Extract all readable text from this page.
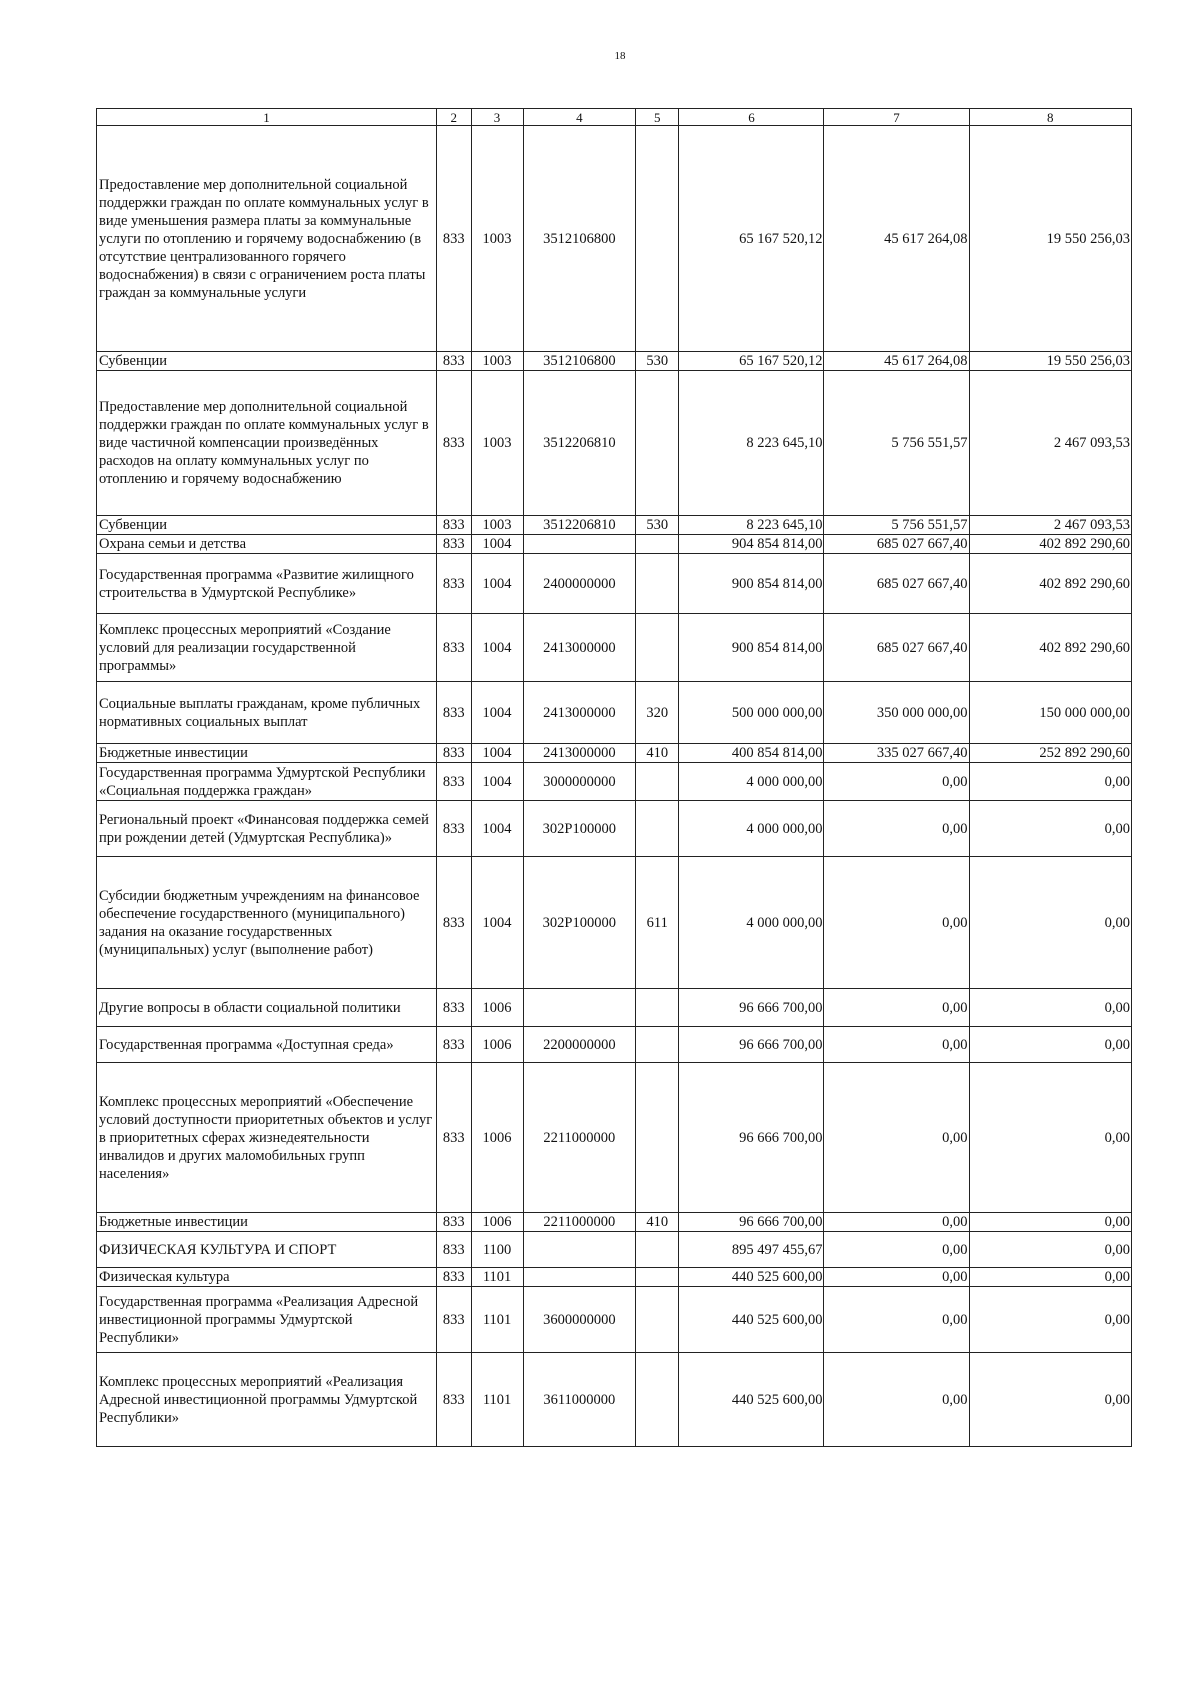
18
1	2	3	4	5	6	7	8
Предоставление мер дополнительной социальной поддержки граждан по оплате коммунальных услуг в виде уменьшения размера платы за коммунальные услуги по отоплению и горячему водоснабжению (в отсутствие централизованного горячего водоснабжения) в связи с ограничением роста платы граждан за коммунальные услуги	833	1003	3512106800		65 167 520,12	45 617 264,08	19 550 256,03
Субвенции	833	1003	3512106800	530	65 167 520,12	45 617 264,08	19 550 256,03
Предоставление мер дополнительной социальной поддержки граждан по оплате коммунальных услуг в виде частичной компенсации произведённых расходов на оплату коммунальных услуг по отоплению и горячему водоснабжению	833	1003	3512206810		8 223 645,10	5 756 551,57	2 467 093,53
Субвенции	833	1003	3512206810	530	8 223 645,10	5 756 551,57	2 467 093,53
Охрана семьи и детства	833	1004			904 854 814,00	685 027 667,40	402 892 290,60
Государственная программа «Развитие жилищного строительства в Удмуртской Республике»	833	1004	2400000000		900 854 814,00	685 027 667,40	402 892 290,60
Комплекс процессных мероприятий «Создание условий для реализации государственной программы»	833	1004	2413000000		900 854 814,00	685 027 667,40	402 892 290,60
Социальные выплаты гражданам, кроме публичных нормативных социальных выплат	833	1004	2413000000	320	500 000 000,00	350 000 000,00	150 000 000,00
Бюджетные инвестиции	833	1004	2413000000	410	400 854 814,00	335 027 667,40	252 892 290,60
Государственная программа Удмуртской Республики «Социальная поддержка граждан»	833	1004	3000000000		4 000 000,00	0,00	0,00
Региональный проект «Финансовая поддержка семей при рождении детей (Удмуртская Республика)»	833	1004	302Р100000		4 000 000,00	0,00	0,00
Субсидии бюджетным учреждениям на финансовое обеспечение государственного (муниципального) задания на оказание государственных (муниципальных) услуг (выполнение работ)	833	1004	302Р100000	611	4 000 000,00	0,00	0,00
Другие вопросы в области социальной политики	833	1006			96 666 700,00	0,00	0,00
Государственная программа «Доступная среда»	833	1006	2200000000		96 666 700,00	0,00	0,00
Комплекс процессных мероприятий «Обеспечение условий доступности приоритетных объектов и услуг в приоритетных сферах жизнедеятельности инвалидов и других маломобильных групп населения»	833	1006	2211000000		96 666 700,00	0,00	0,00
Бюджетные инвестиции	833	1006	2211000000	410	96 666 700,00	0,00	0,00
ФИЗИЧЕСКАЯ КУЛЬТУРА И СПОРТ	833	1100			895 497 455,67	0,00	0,00
Физическая культура	833	1101			440 525 600,00	0,00	0,00
Государственная программа «Реализация Адресной инвестиционной программы Удмуртской Республики»	833	1101	3600000000		440 525 600,00	0,00	0,00
Комплекс процессных мероприятий «Реализация Адресной инвестиционной программы Удмуртской Республики»	833	1101	3611000000		440 525 600,00	0,00	0,00
